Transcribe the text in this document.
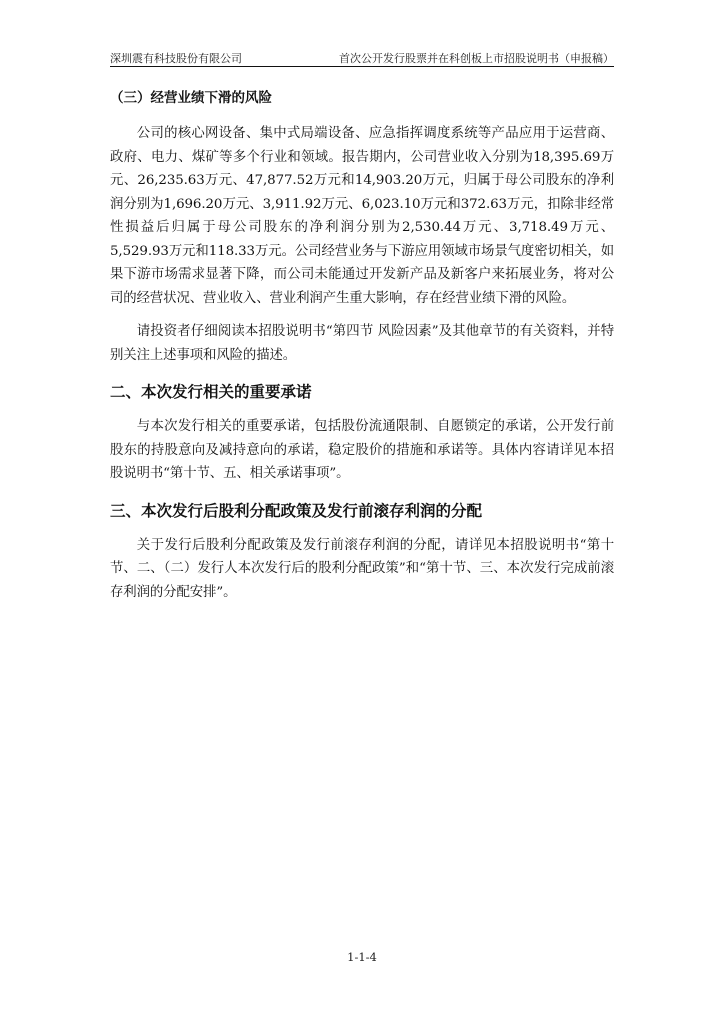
深圳震有科技股份有限公司	首次公开发行股票并在科创板上市招股说明书（申报稿）
（三）经营业绩下滑的风险

公司的核心网设备、集中式局端设备、应急指挥调度系统等产品应用于运营商、政府、电力、煤矿等多个行业和领域。报告期内，公司营业收入分别为18,395.69万元、26,235.63万元、47,877.52万元和14,903.20万元，归属于母公司股东的净利润分别为1,696.20万元、3,911.92万元、6,023.10万元和372.63万元，扣除非经常性损益后归属于母公司股东的净利润分别为2,530.44万元、3,718.49万元、5,529.93万元和118.33万元。公司经营业务与下游应用领域市场景气度密切相关，如果下游市场需求显著下降，而公司未能通过开发新产品及新客户来拓展业务，将对公司的经营状况、营业收入、营业利润产生重大影响，存在经营业绩下滑的风险。

请投资者仔细阅读本招股说明书“第四节 风险因素”及其他章节的有关资料，并特别关注上述事项和风险的描述。

二、本次发行相关的重要承诺

与本次发行相关的重要承诺，包括股份流通限制、自愿锁定的承诺，公开发行前股东的持股意向及减持意向的承诺，稳定股价的措施和承诺等。具体内容请详见本招股说明书“第十节、五、相关承诺事项”。

三、本次发行后股利分配政策及发行前滚存利润的分配

关于发行后股利分配政策及发行前滚存利润的分配，请详见本招股说明书“第十节、二、（二）发行人本次发行后的股利分配政策”和“第十节、三、本次发行完成前滚存利润的分配安排”。

1-1-4
